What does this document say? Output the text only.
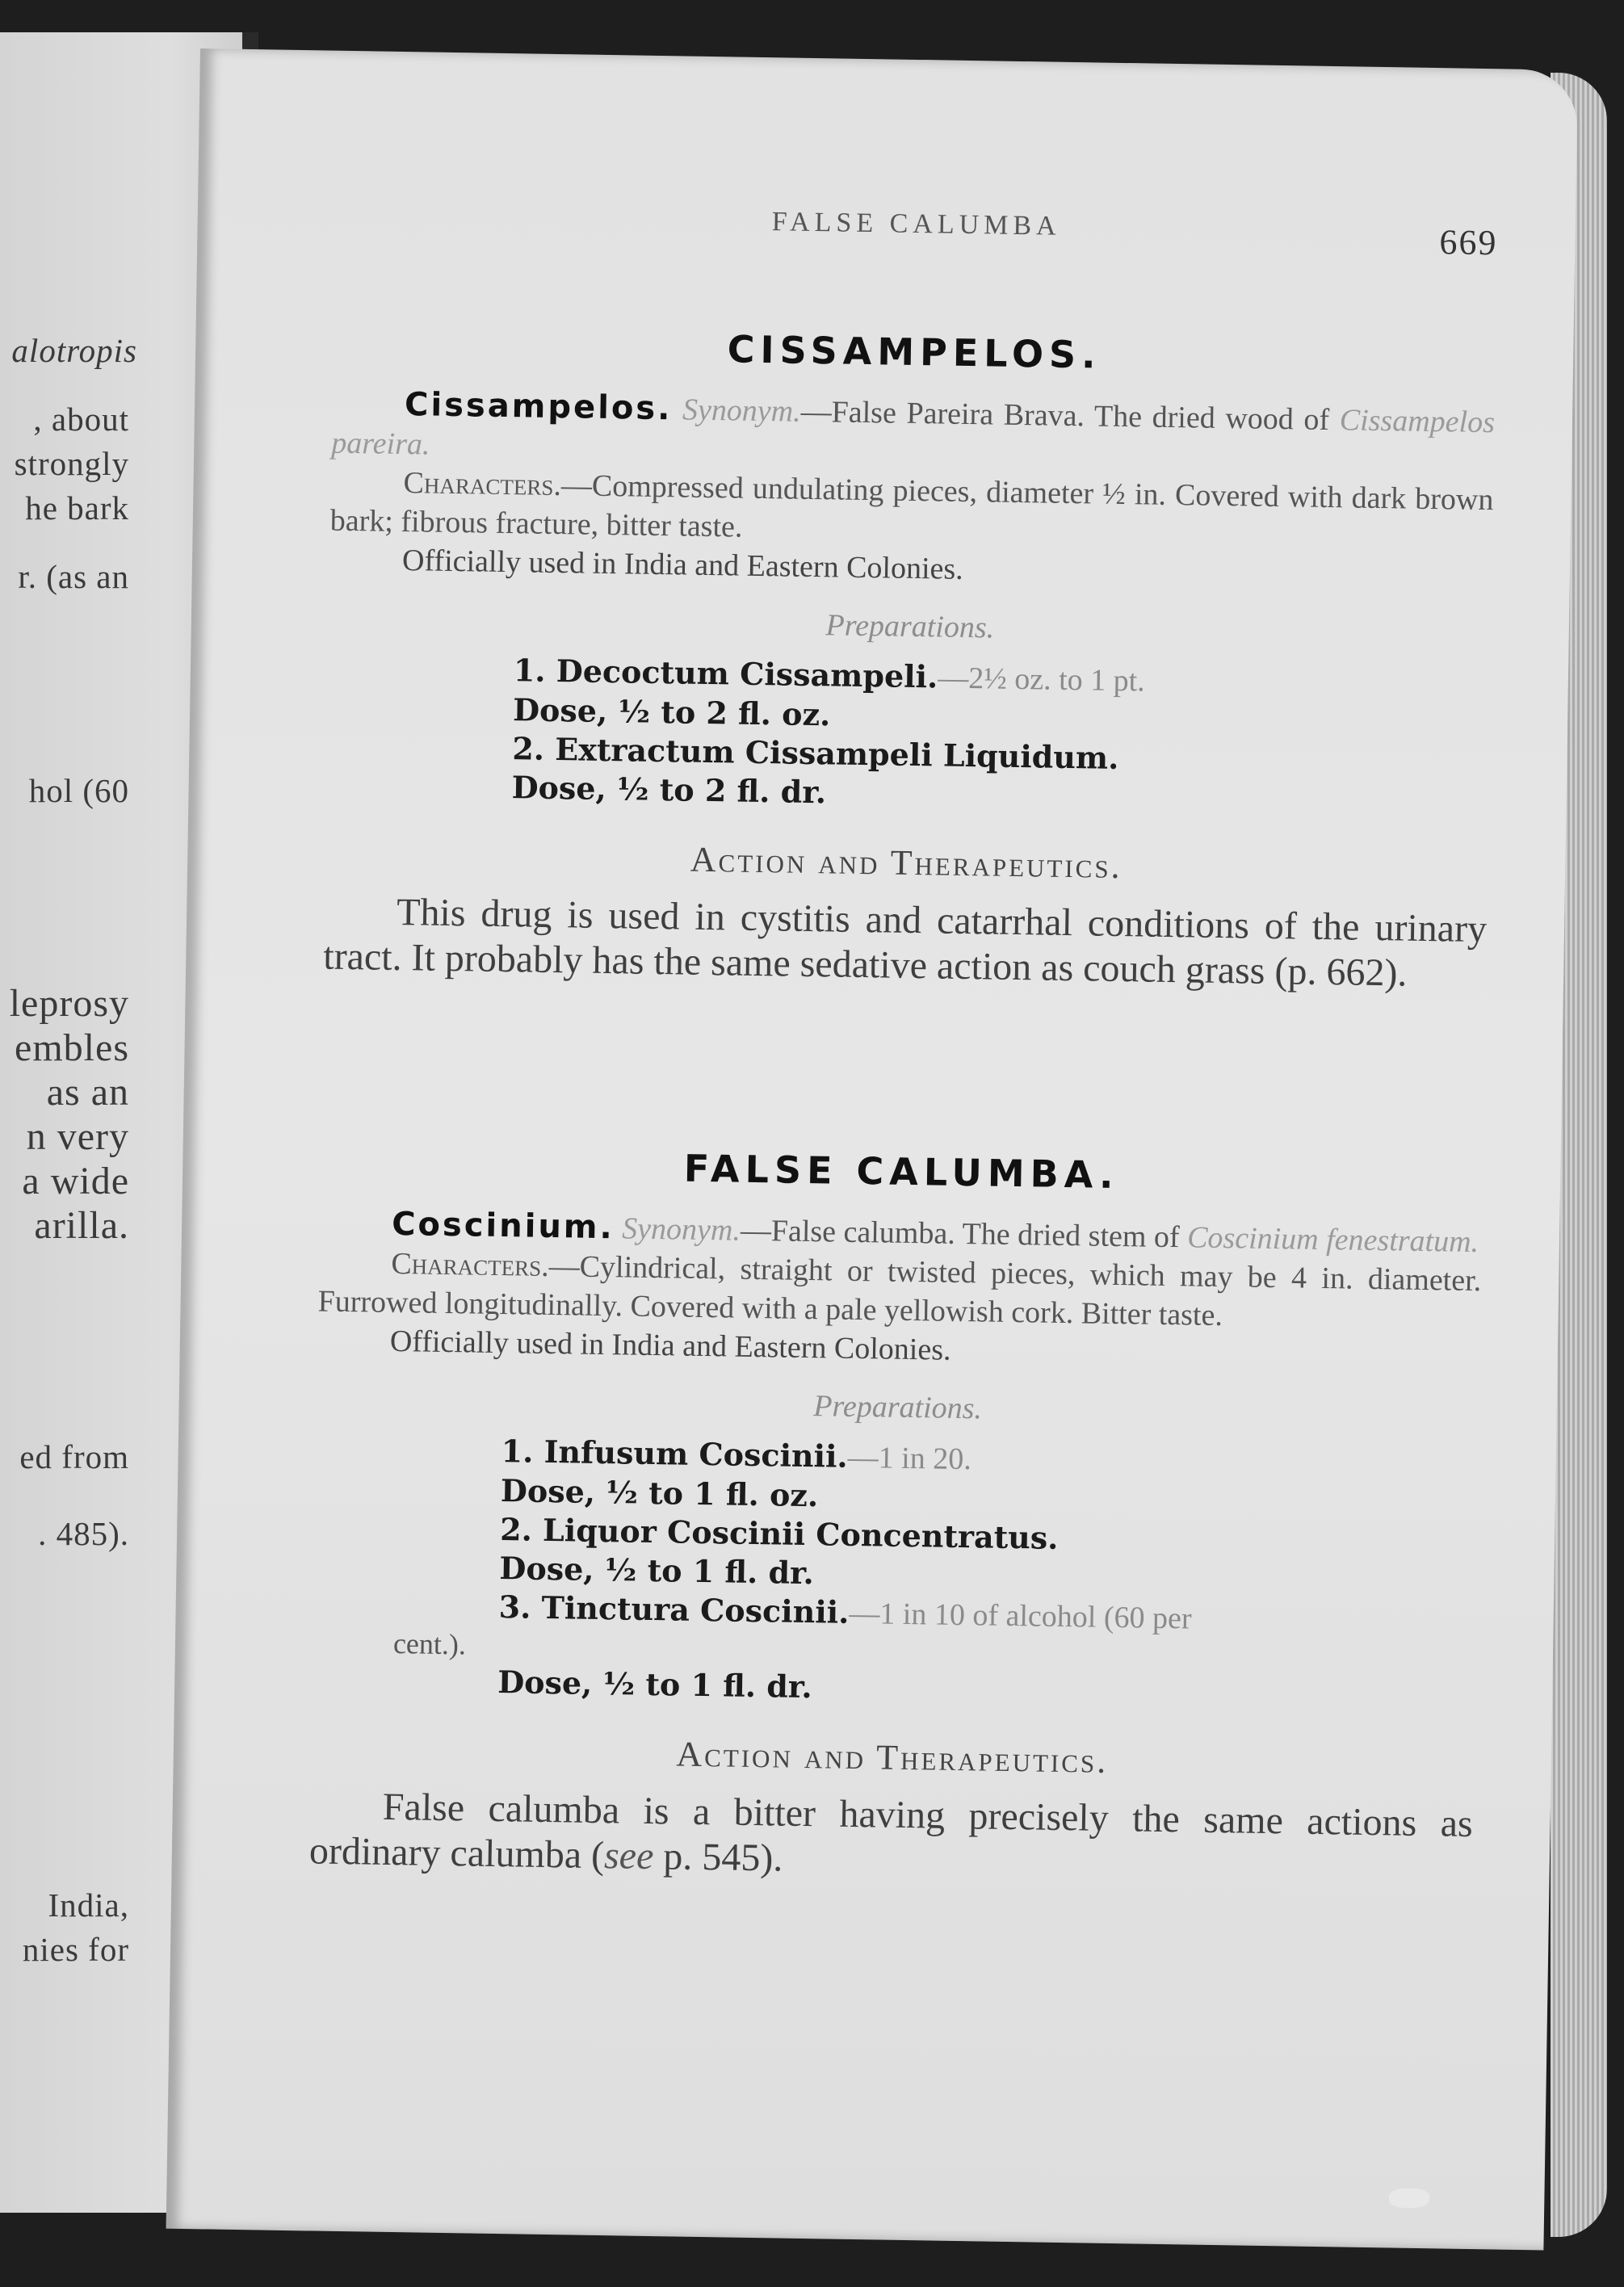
alotropis
, about
strongly
he bark
r. (as an
hol (60
leprosy
embles
as an
n very
a wide
arilla.
ed from
. 485).
India,
nies for
FALSE CALUMBA	669
CISSAMPELOS.

Cissampelos. Synonym.—False Pareira Brava. The dried wood of Cissampelos pareira.

Characters.—Compressed undulating pieces, diameter ½ in. Covered with dark brown bark; fibrous fracture, bitter taste.

Officially used in India and Eastern Colonies.

Preparations.
1. Decoctum Cissampeli.—2½ oz. to 1 pt.
Dose, ½ to 2 fl. oz.
2. Extractum Cissampeli Liquidum.
Dose, ½ to 2 fl. dr.
Action and Therapeutics.

This drug is used in cystitis and catarrhal conditions of the urinary tract. It probably has the same sedative action as couch grass (p. 662).

FALSE CALUMBA.

Coscinium. Synonym.—False calumba. The dried stem of Coscinium fenestratum.

Characters.—Cylindrical, straight or twisted pieces, which may be 4 in. diameter. Furrowed longitudinally. Covered with a pale yellowish cork. Bitter taste.

Officially used in India and Eastern Colonies.

Preparations.
1. Infusum Coscinii.—1 in 20.
Dose, ½ to 1 fl. oz.
2. Liquor Coscinii Concentratus.
Dose, ½ to 1 fl. dr.
3. Tinctura Coscinii.—1 in 10 of alcohol (60 per
cent.).
Dose, ½ to 1 fl. dr.
Action and Therapeutics.

False calumba is a bitter having precisely the same actions as ordinary calumba (see p. 545).
